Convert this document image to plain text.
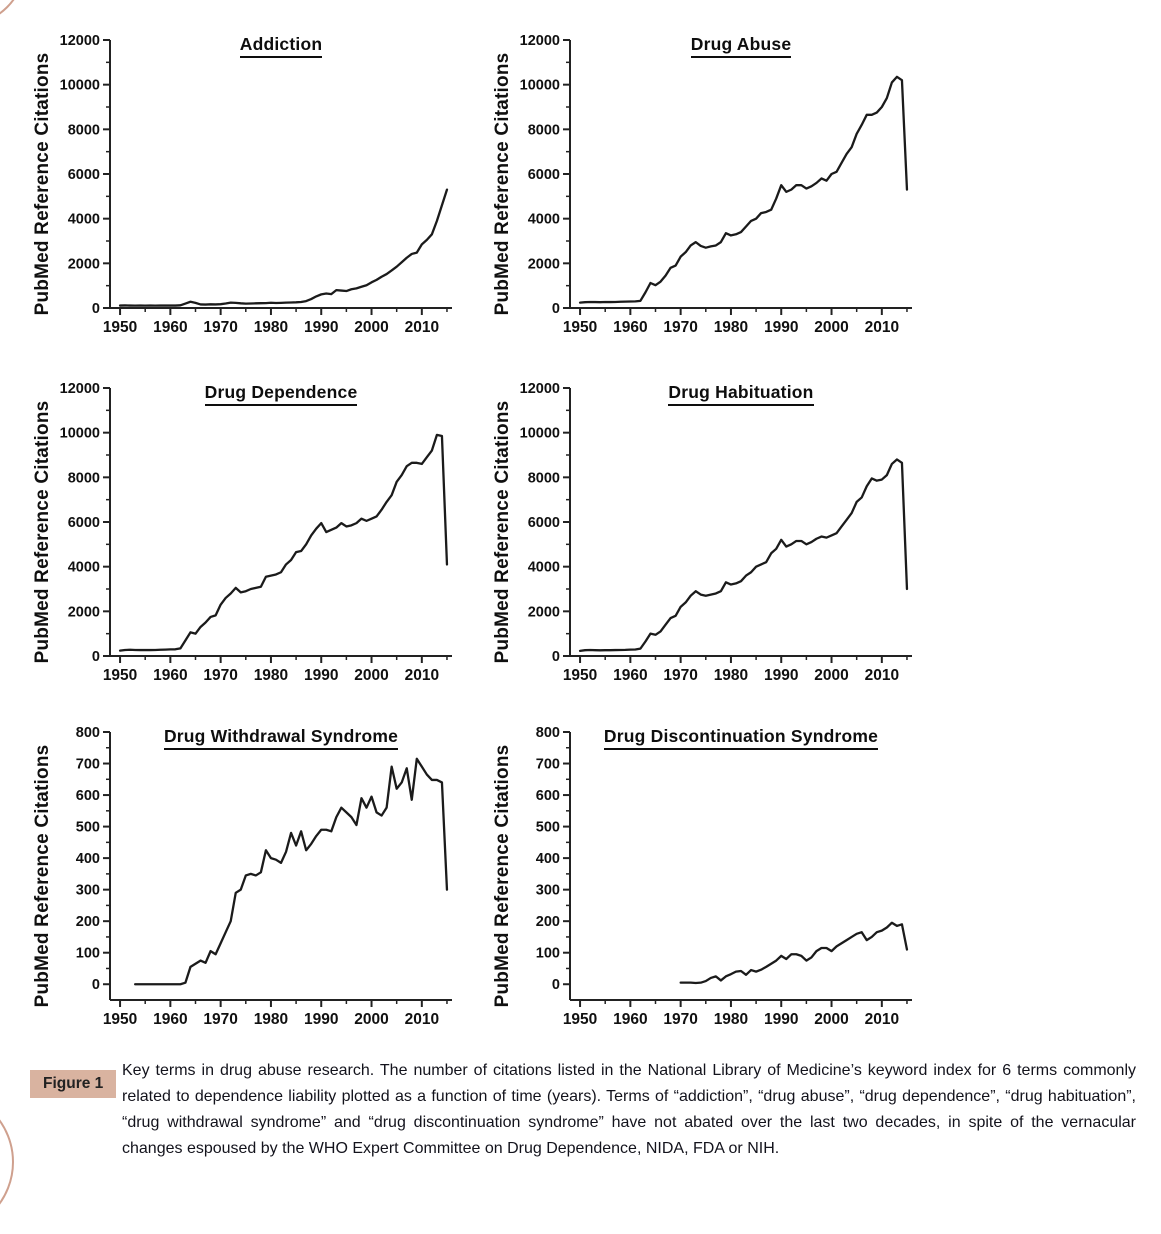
PubMed Reference Citations
Addiction
0
2000
4000
6000
8000
10000
12000
1950 1960 1970 1980 1990 2000 2010
PubMed Reference Citations
Drug Abuse
0
2000
4000
6000
8000
10000
12000
1950 1960 1970 1980 1990 2000 2010
PubMed Reference Citations
Drug Dependence
0
2000
4000
6000
8000
10000
12000
1950 1960 1970 1980 1990 2000 2010
PubMed Reference Citations
Drug Habituation
0
2000
4000
6000
8000
10000
12000
1950 1960 1970 1980 1990 2000 2010
PubMed Reference Citations
Drug Withdrawal Syndrome
0
100
200
300
400
500
600
700
800
1950 1960 1970 1980 1990 2000 2010
PubMed Reference Citations
Drug Discontinuation Syndrome
0
100
200
300
400
500
600
700
800
1950 1960 1970 1980 1990 2000 2010
Figure 1

Key terms in drug abuse research. The number of citations listed in the National Library of Medicine’s keyword index for 6 terms commonly related to dependence liability plotted as a function of time (years). Terms of “addiction”, “drug abuse”, “drug dependence”, “drug habituation”, “drug withdrawal syndrome” and “drug discontinuation syndrome” have not abated over the last two decades, in spite of the vernacular changes espoused by the WHO Expert Committee on Drug Dependence, NIDA, FDA or NIH.
